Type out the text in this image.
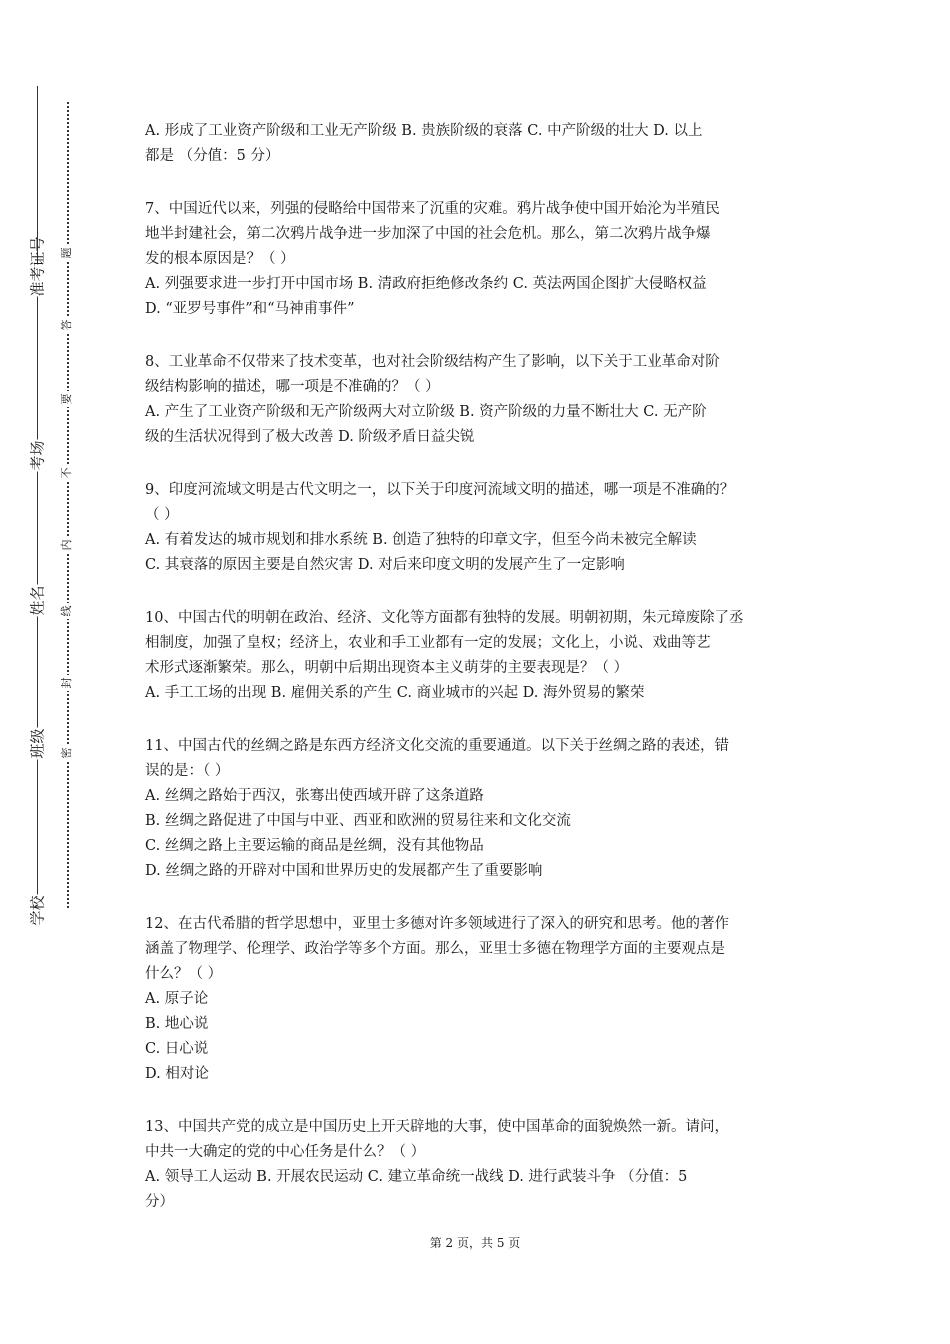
准考证号
考场
姓名
班级
学校
题
答
要
不
内
线
封
密

A. 形成了工业资产阶级和工业无产阶级 B. 贵族阶级的衰落 C. 中产阶级的壮大 D. 以上

都是 （分值：5 分）

7、中国近代以来，列强的侵略给中国带来了沉重的灾难。鸦片战争使中国开始沦为半殖民

地半封建社会，第二次鸦片战争进一步加深了中国的社会危机。那么，第二次鸦片战争爆

发的根本原因是？（ ）

A. 列强要求进一步打开中国市场 B. 清政府拒绝修改条约 C. 英法两国企图扩大侵略权益

D. “亚罗号事件”和“马神甫事件”

8、工业革命不仅带来了技术变革，也对社会阶级结构产生了影响，以下关于工业革命对阶

级结构影响的描述，哪一项是不准确的？（ ）

A. 产生了工业资产阶级和无产阶级两大对立阶级 B. 资产阶级的力量不断壮大 C. 无产阶

级的生活状况得到了极大改善 D. 阶级矛盾日益尖锐

9、印度河流域文明是古代文明之一，以下关于印度河流域文明的描述，哪一项是不准确的？

（ ）

A. 有着发达的城市规划和排水系统 B. 创造了独特的印章文字，但至今尚未被完全解读

C. 其衰落的原因主要是自然灾害 D. 对后来印度文明的发展产生了一定影响

10、中国古代的明朝在政治、经济、文化等方面都有独特的发展。明朝初期，朱元璋废除了丞

相制度，加强了皇权；经济上，农业和手工业都有一定的发展；文化上，小说、戏曲等艺

术形式逐渐繁荣。那么，明朝中后期出现资本主义萌芽的主要表现是？（ ）

A. 手工工场的出现 B. 雇佣关系的产生 C. 商业城市的兴起 D. 海外贸易的繁荣

11、中国古代的丝绸之路是东西方经济文化交流的重要通道。以下关于丝绸之路的表述，错

误的是：（ ）

A. 丝绸之路始于西汉，张骞出使西域开辟了这条道路

B. 丝绸之路促进了中国与中亚、西亚和欧洲的贸易往来和文化交流

C. 丝绸之路上主要运输的商品是丝绸，没有其他物品

D. 丝绸之路的开辟对中国和世界历史的发展都产生了重要影响

12、在古代希腊的哲学思想中，亚里士多德对许多领域进行了深入的研究和思考。他的著作

涵盖了物理学、伦理学、政治学等多个方面。那么，亚里士多德在物理学方面的主要观点是

什么？（ ）

A. 原子论

B. 地心说

C. 日心说

D. 相对论

13、中国共产党的成立是中国历史上开天辟地的大事，使中国革命的面貌焕然一新。请问，

中共一大确定的党的中心任务是什么？（ ）

A. 领导工人运动 B. 开展农民运动 C. 建立革命统一战线 D. 进行武装斗争 （分值：5

分）

第 2 页，共 5 页
